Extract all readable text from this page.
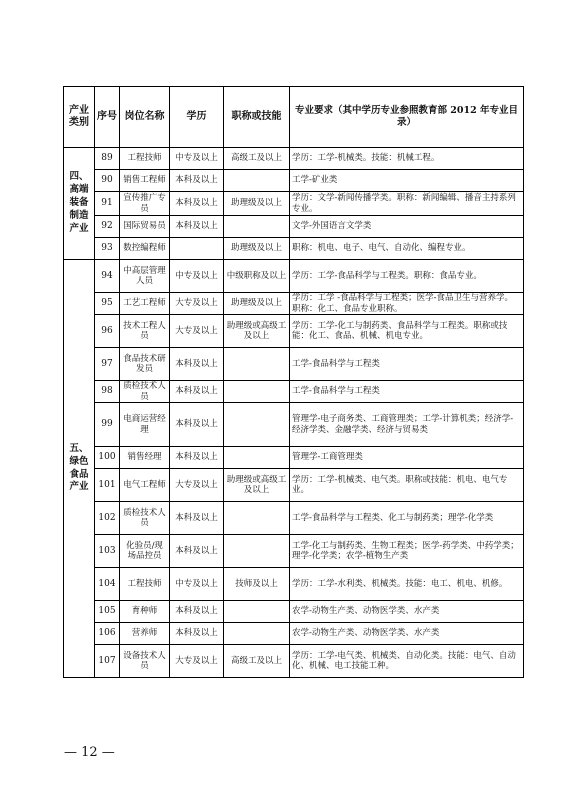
产业类别	序号	岗位名称	学历	职称或技能	专业要求（其中学历专业参照教育部 2012 年专业目录）
四、高端装备制造产业	89	工程技师	中专及以上	高级工及以上	学历：工学-机械类。技能：机械工程。
	90	销售工程师	本科及以上		工学-矿业类
	91	宣传推广专员	本科及以上	助理级及以上	学历：文学-新闻传播学类。职称：新闻编辑、播音主持系列专业。
	92	国际贸易员	本科及以上		文学-外国语言文学类
	93	数控编程师		助理级及以上	职称：机电、电子、电气、自动化、编程专业。
五、绿色食品产业	94	中高层管理人员	中专及以上	中级职称及以上	学历：工学-食品科学与工程类。职称：食品专业。
	95	工艺工程师	大专及以上	助理级及以上	学历：工学 -食品科学与工程类；医学-食品卫生与营养学。职称：化工、食品专业职称。
	96	技术工程人员	大专及以上	助理级或高级工及以上	学历：工学-化工与制药类、食品科学与工程类。职称或技能：化工、食品、机械、机电专业。
	97	食品技术研发员	本科及以上		工学-食品科学与工程类
	98	质检技术人员	本科及以上		工学-食品科学与工程类
	99	电商运营经理	本科及以上		管理学-电子商务类、工商管理类；工学-计算机类；经济学-经济学类、金融学类、经济与贸易类
	100	销售经理	本科及以上		管理学-工商管理类
	101	电气工程师	大专及以上	助理级或高级工及以上	学历：工学-机械类、电气类。职称或技能：机电、电气专业。
	102	质检技术人员	本科及以上		工学-食品科学与工程类、化工与制药类；理学-化学类
	103	化验员/现场品控员	本科及以上		工学-化工与制药类、生物工程类；医学-药学类、中药学类；理学-化学类；农学-植物生产类
	104	工程技师	中专及以上	技师及以上	学历：工学-水利类、机械类。技能：电工、机电、机修。
	105	育种师	本科及以上		农学-动物生产类、动物医学类、水产类
	106	营养师	本科及以上		农学-动物生产类、动物医学类、水产类
	107	设备技术人员	大专及以上	高级工及以上	学历：工学-电气类、机械类、自动化类。技能：电气、自动化、机械、电工技能工种。
— 12 —
